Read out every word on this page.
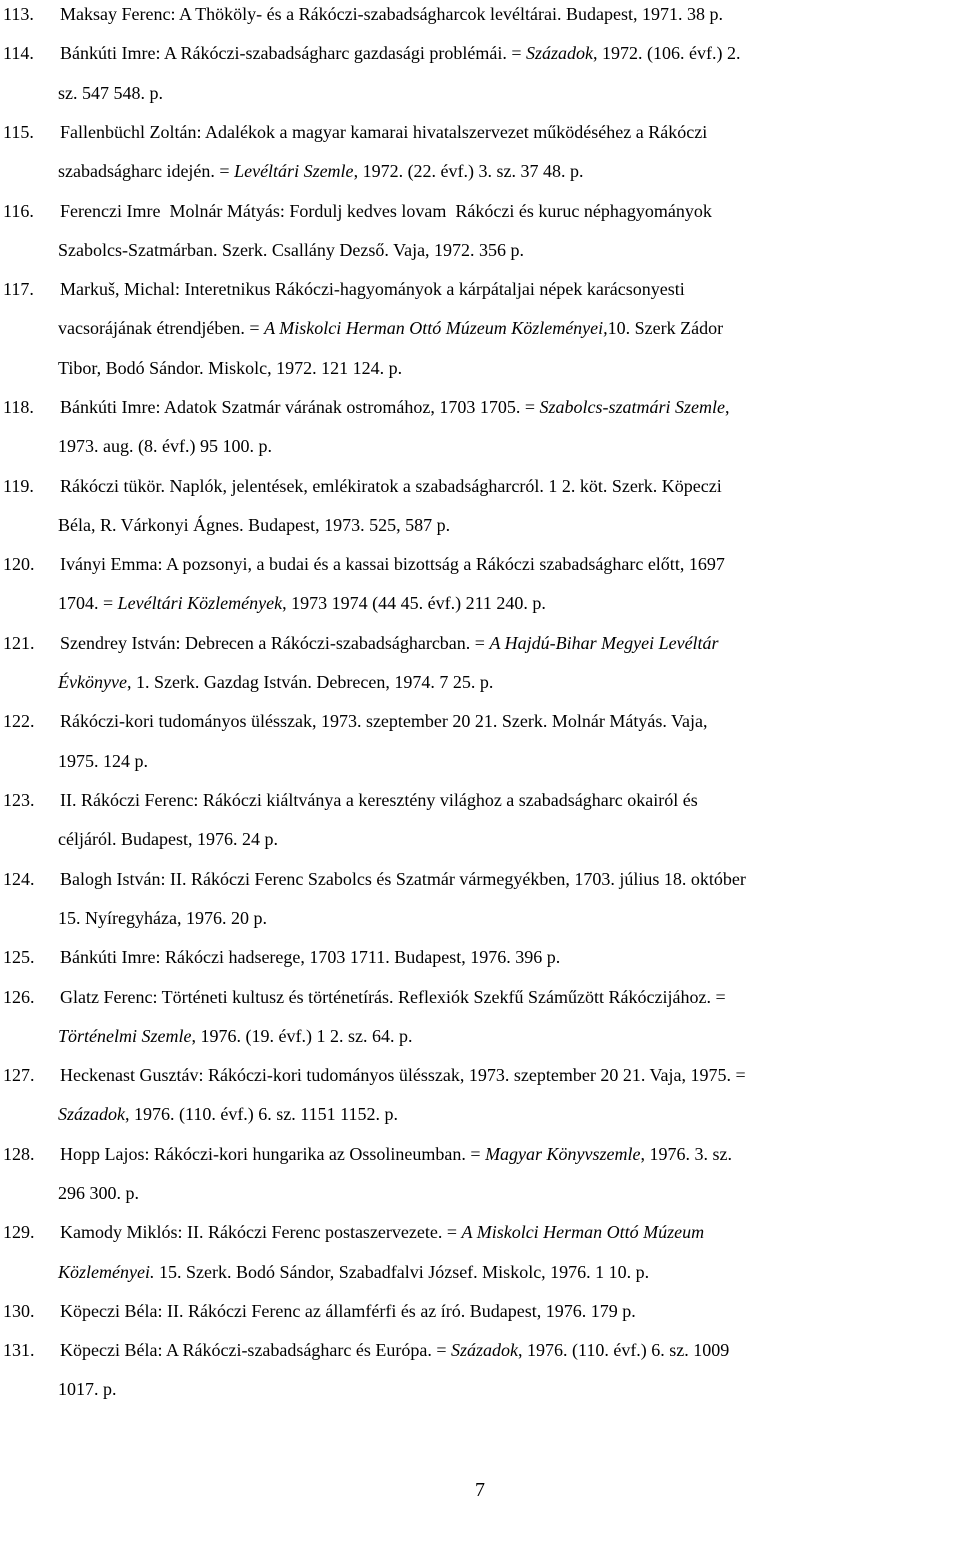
113. Maksay Ferenc: A Thököly- és a Rákóczi-szabadságharcok levéltárai. Budapest, 1971. 38 p.
114. Bánkúti Imre: A Rákóczi-szabadságharc gazdasági problémái. = Századok, 1972. (106. évf.) 2.
sz. 547 548. p.
115. Fallenbüchl Zoltán: Adalékok a magyar kamarai hivatalszervezet működéséhez a Rákóczi
szabadságharc idején. = Levéltári Szemle, 1972. (22. évf.) 3. sz. 37 48. p.
116. Ferenczi Imre  Molnár Mátyás: Fordulj kedves lovam  Rákóczi és kuruc néphagyományok
Szabolcs-Szatmárban. Szerk. Csallány Dezső. Vaja, 1972. 356 p.
117. Markuš, Michal: Interetnikus Rákóczi-hagyományok a kárpátaljai népek karácsonyesti
vacsorájának étrendjében. = A Miskolci Herman Ottó Múzeum Közleményei,10. Szerk Zádor
Tibor, Bodó Sándor. Miskolc, 1972. 121 124. p.
118. Bánkúti Imre: Adatok Szatmár várának ostromához, 1703 1705. = Szabolcs-szatmári Szemle,
1973. aug. (8. évf.) 95 100. p.
119. Rákóczi tükör. Naplók, jelentések, emlékiratok a szabadságharcról. 1 2. köt. Szerk. Köpeczi
Béla, R. Várkonyi Ágnes. Budapest, 1973. 525, 587 p.
120. Iványi Emma: A pozsonyi, a budai és a kassai bizottság a Rákóczi szabadságharc előtt, 1697
1704. = Levéltári Közlemények, 1973 1974 (44 45. évf.) 211 240. p.
121. Szendrey István: Debrecen a Rákóczi-szabadságharcban. = A Hajdú-Bihar Megyei Levéltár
Évkönyve, 1. Szerk. Gazdag István. Debrecen, 1974. 7 25. p.
122. Rákóczi-kori tudományos ülésszak, 1973. szeptember 20 21. Szerk. Molnár Mátyás. Vaja,
1975. 124 p.
123. II. Rákóczi Ferenc: Rákóczi kiáltványa a keresztény világhoz a szabadságharc okairól és
céljáról. Budapest, 1976. 24 p.
124. Balogh István: II. Rákóczi Ferenc Szabolcs és Szatmár vármegyékben, 1703. július 18. október
15. Nyíregyháza, 1976. 20 p.
125. Bánkúti Imre: Rákóczi hadserege, 1703 1711. Budapest, 1976. 396 p.
126. Glatz Ferenc: Történeti kultusz és történetírás. Reflexiók Szekfű Száműzött Rákóczijához. =
Történelmi Szemle, 1976. (19. évf.) 1 2. sz. 64. p.
127. Heckenast Gusztáv: Rákóczi-kori tudományos ülésszak, 1973. szeptember 20 21. Vaja, 1975. =
Századok, 1976. (110. évf.) 6. sz. 1151 1152. p.
128. Hopp Lajos: Rákóczi-kori hungarika az Ossolineumban. = Magyar Könyvszemle, 1976. 3. sz.
296 300. p.
129. Kamody Miklós: II. Rákóczi Ferenc postaszervezete. = A Miskolci Herman Ottó Múzeum
Közleményei. 15. Szerk. Bodó Sándor, Szabadfalvi József. Miskolc, 1976. 1 10. p.
130. Köpeczi Béla: II. Rákóczi Ferenc az államférfi és az író. Budapest, 1976. 179 p.
131. Köpeczi Béla: A Rákóczi-szabadságharc és Európa. = Századok, 1976. (110. évf.) 6. sz. 1009
1017. p.
7
